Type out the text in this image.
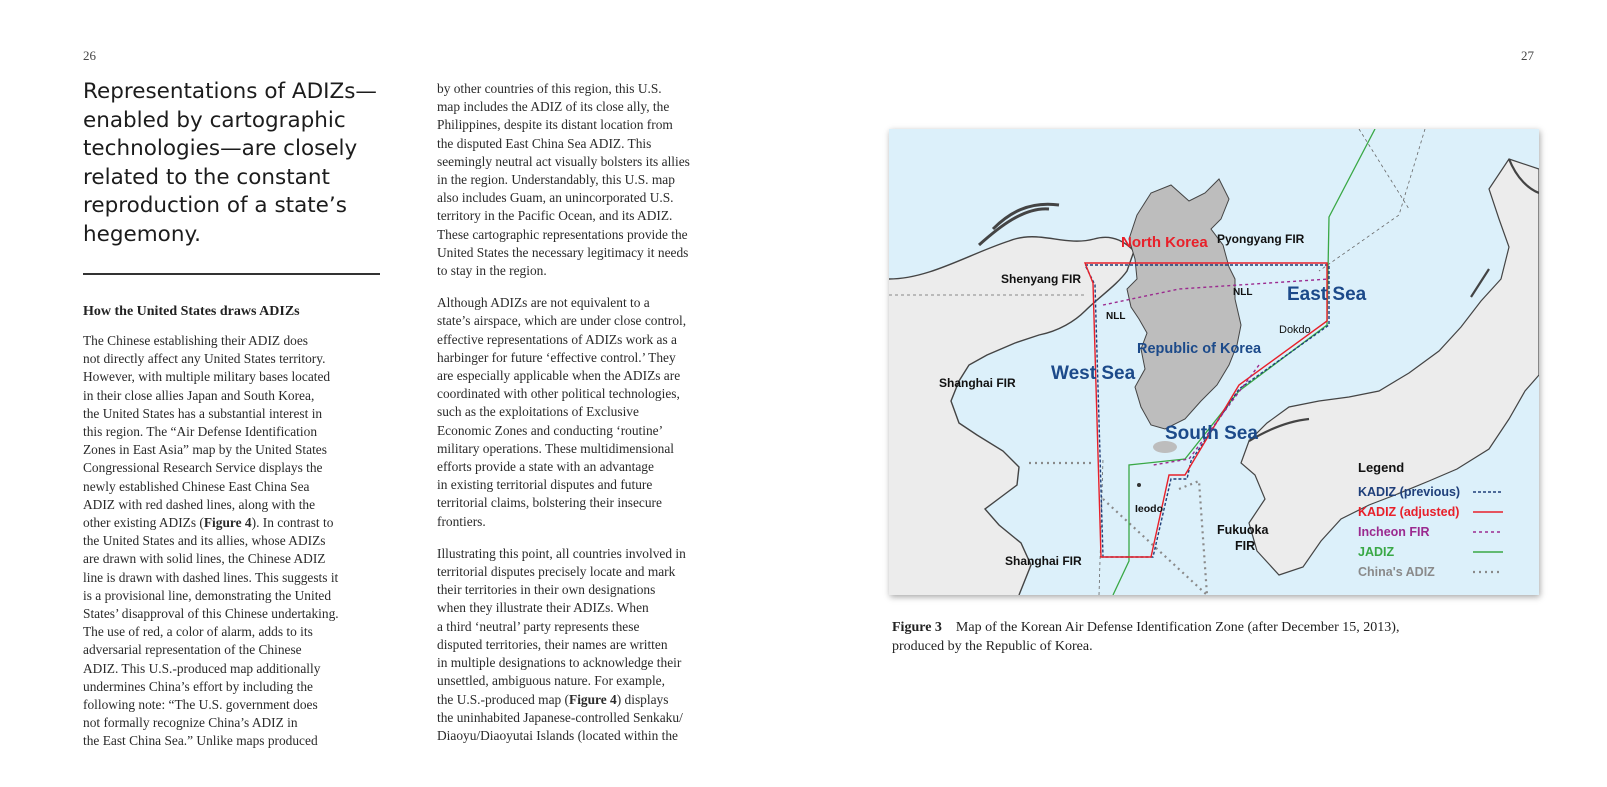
26	27
Representations of ADIZs—
enabled by cartographic
technologies—are closely
related to the constant
reproduction of a state’s
hegemony.
How the United States draws ADIZs
The Chinese establishing their ADIZ does
not directly affect any United States territory.
However, with multiple military bases located
in their close allies Japan and South Korea,
the United States has a substantial interest in
this region. The “Air Defense Identification
Zones in East Asia” map by the United States
Congressional Research Service displays the
newly established Chinese East China Sea
ADIZ with red dashed lines, along with the
other existing ADIZs (Figure 4). In contrast to
the United States and its allies, whose ADIZs
are drawn with solid lines, the Chinese ADIZ
line is drawn with dashed lines. This suggests it
is a provisional line, demonstrating the United
States’ disapproval of this Chinese undertaking.
The use of red, a color of alarm, adds to its
adversarial representation of the Chinese
ADIZ. This U.S.-produced map additionally
undermines China’s effort by including the
following note: “The U.S. government does
not formally recognize China’s ADIZ in
the East China Sea.” Unlike maps produced
by other countries of this region, this U.S.
map includes the ADIZ of its close ally, the
Philippines, despite its distant location from
the disputed East China Sea ADIZ. This
seemingly neutral act visually bolsters its allies
in the region. Understandably, this U.S. map
also includes Guam, an unincorporated U.S.
territory in the Pacific Ocean, and its ADIZ.
These cartographic representations provide the
United States the necessary legitimacy it needs
to stay in the region.
Although ADIZs are not equivalent to a
state’s airspace, which are under close control,
effective representations of ADIZs work as a
harbinger for future ‘effective control.’ They
are especially applicable when the ADIZs are
coordinated with other political technologies,
such as the exploitations of Exclusive
Economic Zones and conducting ‘routine’
military operations. These multidimensional
efforts provide a state with an advantage
in existing territorial disputes and future
territorial claims, bolstering their insecure
frontiers.
Illustrating this point, all countries involved in
territorial disputes precisely locate and mark
their territories in their own designations
when they illustrate their ADIZs. When
a third ‘neutral’ party represents these
disputed territories, their names are written
in multiple designations to acknowledge their
unsettled, ambiguous nature. For example,
the U.S.-produced map (Figure 4) displays
the uninhabited Japanese-controlled Senkaku/
Diaoyu/Diaoyutai Islands (located within the
North Korea Pyongyang FIR
Shenyang FIR
NLL
NLL
East Sea
Dokdo
Republic of Korea
Shanghai FIR West Sea
South Sea
Ieodo
Fukuoka
FIR
Shanghai FIR
Legend
KADIZ (previous)
KADIZ (adjusted)
Incheon FIR
JADIZ
China's ADIZ
Figure 3 Map of the Korean Air Defense Identification Zone (after December 15, 2013),
produced by the Republic of Korea.
